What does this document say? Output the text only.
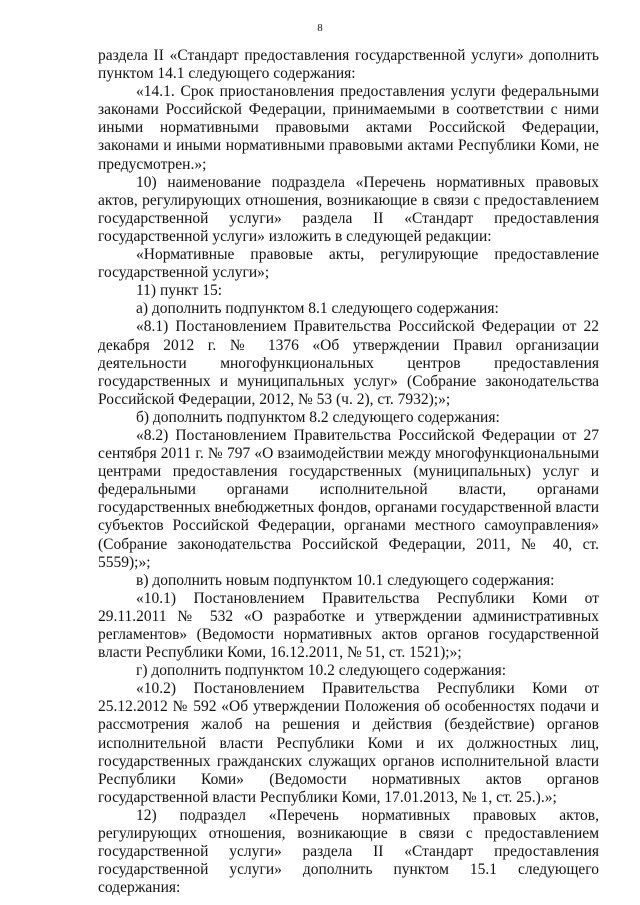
8

раздела II «Стандарт предоставления государственной услуги» дополнить пунктом 14.1 следующего содержания:

«14.1. Срок приостановления предоставления услуги федеральными законами Российской Федерации, принимаемыми в соответствии с ними иными нормативными правовыми актами Российской Федерации, законами и иными нормативными правовыми актами Республики Коми, не предусмотрен.»;

10) наименование подраздела «Перечень нормативных правовых актов, регулирующих отношения, возникающие в связи с предоставлением государственной услуги» раздела II «Стандарт предоставления государственной услуги» изложить в следующей редакции:

«Нормативные правовые акты, регулирующие предоставление государственной услуги»;

11) пункт 15:

а) дополнить подпунктом 8.1 следующего содержания:

«8.1) Постановлением Правительства Российской Федерации от 22 декабря 2012 г. № 1376 «Об утверждении Правил организации деятельности многофункциональных центров предоставления государственных и муниципальных услуг» (Собрание законодательства Российской Федерации, 2012, № 53 (ч. 2), ст. 7932);»;

б) дополнить подпунктом 8.2 следующего содержания:

«8.2) Постановлением Правительства Российской Федерации от 27 сентября 2011 г. № 797 «О взаимодействии между многофункциональными центрами предоставления государственных (муниципальных) услуг и федеральными органами исполнительной власти, органами государственных внебюджетных фондов, органами государственной власти субъектов Российской Федерации, органами местного самоуправления» (Собрание законодательства Российской Федерации, 2011, № 40, ст. 5559);»;

в) дополнить новым подпунктом 10.1 следующего содержания:

«10.1) Постановлением Правительства Республики Коми от 29.11.2011 № 532 «О разработке и утверждении административных регламентов» (Ведомости нормативных актов органов государственной власти Республики Коми, 16.12.2011, № 51, ст. 1521);»;

г) дополнить подпунктом 10.2 следующего содержания:

«10.2) Постановлением Правительства Республики Коми от 25.12.2012 № 592 «Об утверждении Положения об особенностях подачи и рассмотрения жалоб на решения и действия (бездействие) органов исполнительной власти Республики Коми и их должностных лиц, государственных гражданских служащих органов исполнительной власти Республики Коми» (Ведомости нормативных актов органов государственной власти Республики Коми, 17.01.2013, № 1, ст. 25.).»;

12) подраздел «Перечень нормативных правовых актов, регулирующих отношения, возникающие в связи с предоставлением государственной услуги» раздела II «Стандарт предоставления государственной услуги» дополнить пунктом 15.1 следующего содержания:
